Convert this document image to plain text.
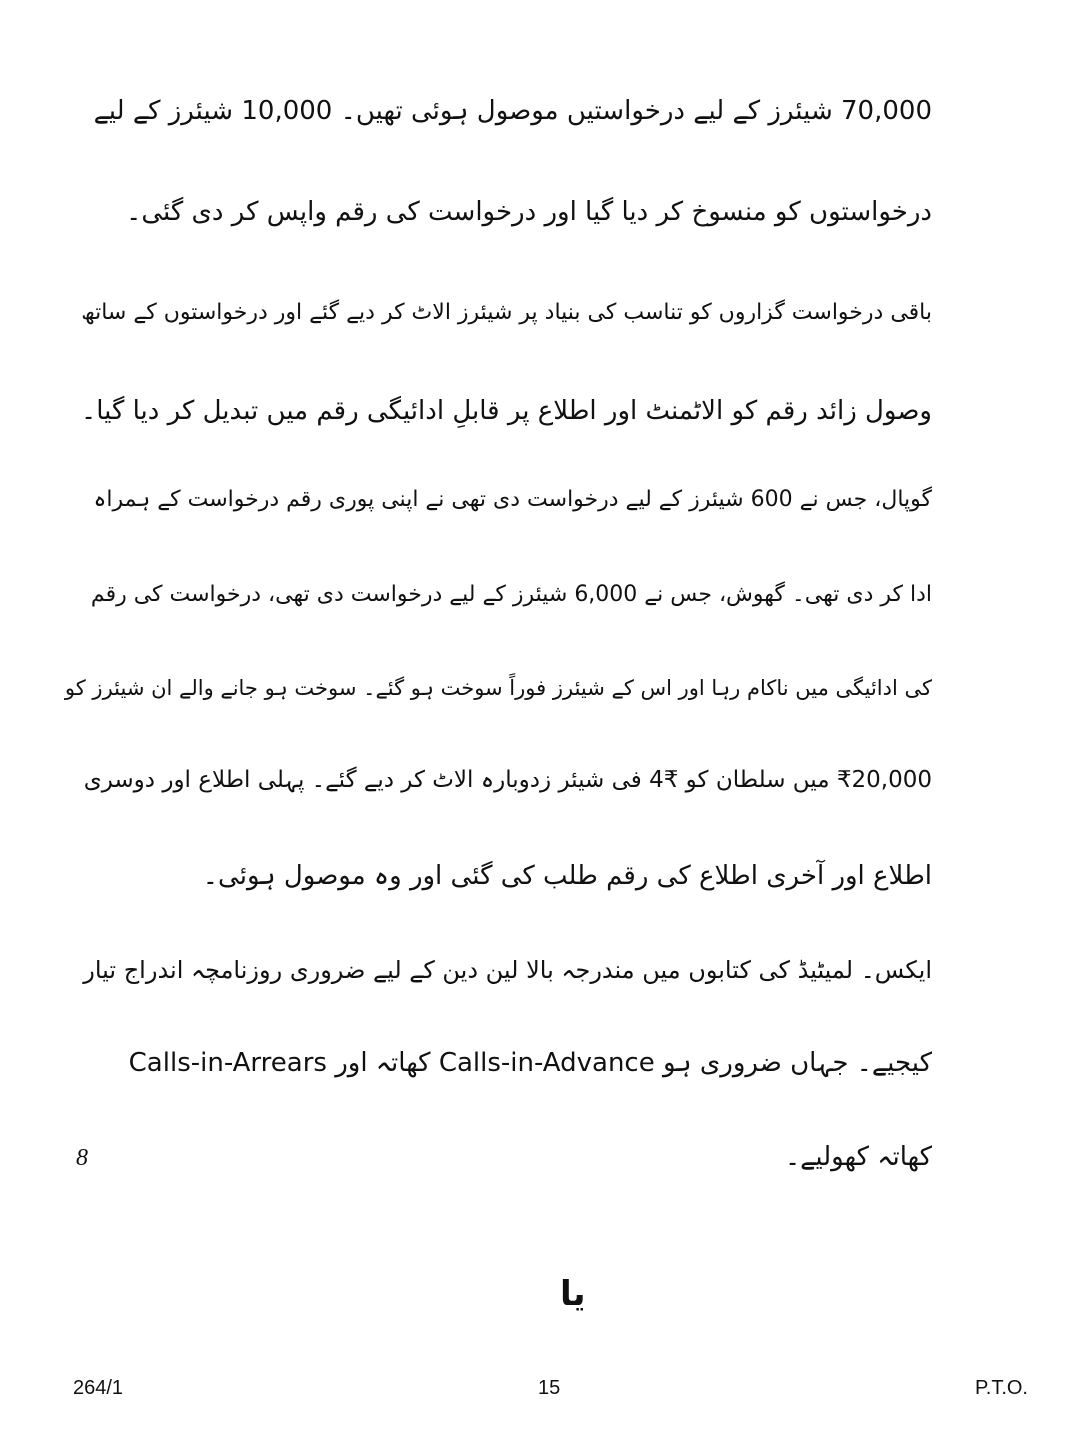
70,000 شیئرز کے لیے درخواستیں موصول ہوئی تھیں۔ 10,000 شیئرز کے لیے
درخواستوں کو منسوخ کر دیا گیا اور درخواست کی رقم واپس کر دی گئی۔
باقی درخواست گزاروں کو تناسب کی بنیاد پر شیئرز الاٹ کر دیے گئے اور درخواستوں کے ساتھ
وصول زائد رقم کو الاٹمنٹ اور اطلاع پر قابلِ ادائیگی رقم میں تبدیل کر دیا گیا۔
گوپال، جس نے 600 شیئرز کے لیے درخواست دی تھی نے اپنی پوری رقم درخواست کے ہمراہ
ادا کر دی تھی۔ گھوش، جس نے 6,000 شیئرز کے لیے درخواست دی تھی، درخواست کی رقم
کی ادائیگی میں ناکام رہا اور اس کے شیئرز فوراً سوخت ہو گئے۔ سوخت ہو جانے والے ان شیئرز کو
₹20,000 میں سلطان کو ₹4 فی شیئر زدوبارہ الاٹ کر دیے گئے۔ پہلی اطلاع اور دوسری
اطلاع اور آخری اطلاع کی رقم طلب کی گئی اور وہ موصول ہوئی۔
ایکس۔ لمیٹیڈ کی کتابوں میں مندرجہ بالا لین دین کے لیے ضروری روزنامچہ اندراج تیار
کیجیے۔ جہاں ضروری ہو Calls-in-Advance کھاتہ اور Calls-in-Arrears
کھاتہ کھولیے۔
8
یا
264/1	15	P.T.O.
